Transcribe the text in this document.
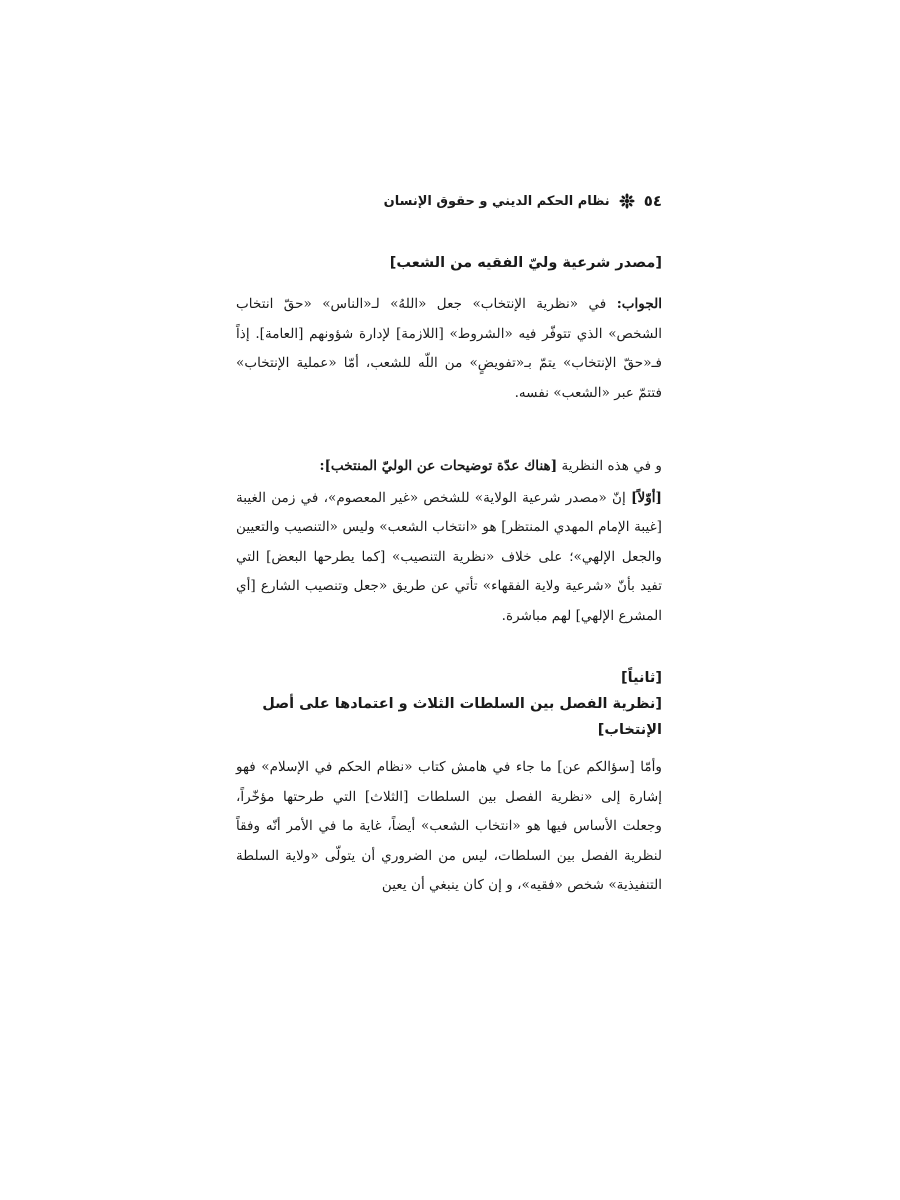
٥٤
نظام الحكم الديني و حقوق الإنسان
[مصدر شرعية وليّ الفقيه من الشعب]

الجواب: في «نظرية الإنتخاب» جعل «اللهُ» لـ«الناس» «حقّ انتخاب الشخص» الذي تتوفّر فيه «الشروط» [اللازمة] لإدارة شؤونهم [العامة]. إذاً فـ«حقّ الإنتخاب» يتمّ بـ«تفويضٍ» من اللّه للشعب، أمّا «عملية الإنتخاب» فتتمّ عبر «الشعب» نفسه.

و في هذه النظرية [هناك عدّة توضيحات عن الوليّ المنتخب]:

[أوّلاً] إنّ «مصدر شرعية الولاية» للشخص «غير المعصوم»، في زمن الغيبة [غيبة الإمام المهدي المنتظر] هو «انتخاب الشعب» وليس «التنصيب والتعيين والجعل الإلهي»؛ على خلاف «نظرية التنصيب» [كما يطرحها البعض] التي تفيد بأنّ «شرعية ولاية الفقهاء» تأتي عن طريق «جعل وتنصيب الشارع [أي المشرع الإلهي] لهم مباشرة.

[ثانياً]
[نظرية الفصل بين السلطات الثلاث و اعتمادها على أصل الإنتخاب]

وأمّا [سؤالكم عن] ما جاء في هامش كتاب «نظام الحكم في الإسلام» فهو إشارة إلى «نظرية الفصل بين السلطات [الثلاث] التي طرحتها مؤخّراً، وجعلت الأساس فيها هو «انتخاب الشعب» أيضاً، غاية ما في الأمر أنّه وفقاً لنظرية الفصل بين السلطات، ليس من الضروري أن يتولّى «ولاية السلطة التنفيذية» شخص «فقيه»، و إن كان ينبغي أن يعين
